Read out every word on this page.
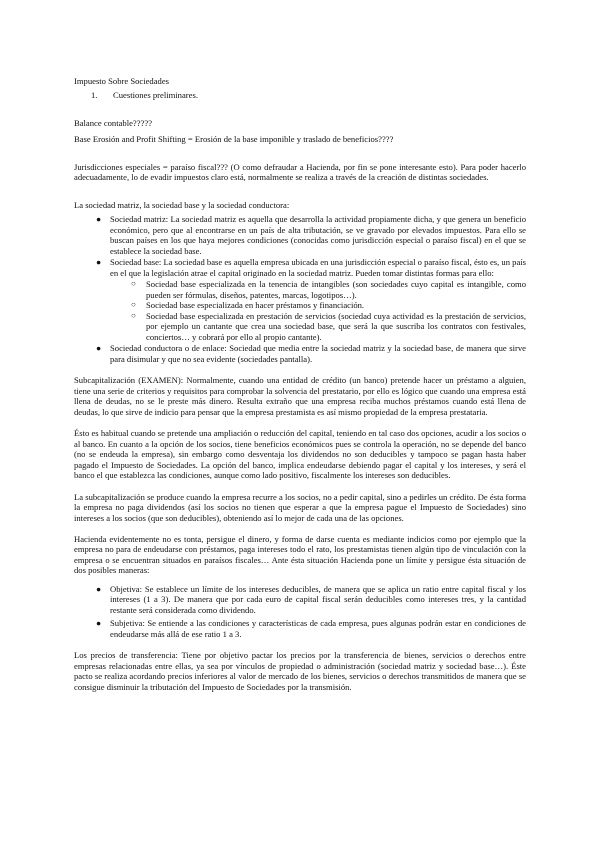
Impuesto Sobre Sociedades

1. Cuestiones preliminares.

Balance contable?????

Base Erosión and Profit Shifting = Erosión de la base imponible y traslado de beneficios????

Jurisdicciones especiales = paraíso fiscal??? (O como defraudar a Hacienda, por fin se pone interesante esto). Para poder hacerlo adecuadamente, lo de evadir impuestos claro está, normalmente se realiza a través de la creación de distintas sociedades.

La sociedad matriz, la sociedad base y la sociedad conductora:

● Sociedad matriz: La sociedad matriz es aquella que desarrolla la actividad propiamente dicha, y que genera un beneficio económico, pero que al encontrarse en un país de alta tributación, se ve gravado por elevados impuestos. Para ello se buscan países en los que haya mejores condiciones (conocidas como jurisdicción especial o paraíso fiscal) en el que se establece la sociedad base.
● Sociedad base: La sociedad base es aquella empresa ubicada en una jurisdicción especial o paraíso fiscal, ésto es, un país en el que la legislación atrae el capital originado en la sociedad matriz. Pueden tomar distintas formas para ello:
○ Sociedad base especializada en la tenencia de intangibles (son sociedades cuyo capital es intangible, como pueden ser fórmulas, diseños, patentes, marcas, logotipos…).
○ Sociedad base especializada en hacer préstamos y financiación.
○ Sociedad base especializada en prestación de servicios (sociedad cuya actividad es la prestación de servicios, por ejemplo un cantante que crea una sociedad base, que será la que suscriba los contratos con festivales, conciertos… y cobrará por ello al propio cantante).
● Sociedad conductora o de enlace: Sociedad que media entre la sociedad matriz y la sociedad base, de manera que sirve para disimular y que no sea evidente (sociedades pantalla).

Subcapitalización (EXAMEN): Normalmente, cuando una entidad de crédito (un banco) pretende hacer un préstamo a alguien, tiene una serie de criterios y requisitos para comprobar la solvencia del prestatario, por ello es lógico que cuando una empresa está llena de deudas, no se le preste más dinero. Resulta extraño que una empresa reciba muchos préstamos cuando está llena de deudas, lo que sirve de indicio para pensar que la empresa prestamista es así mismo propiedad de la empresa prestataria.

Ésto es habitual cuando se pretende una ampliación o reducción del capital, teniendo en tal caso dos opciones, acudir a los socios o al banco. En cuanto a la opción de los socios, tiene beneficios económicos pues se controla la operación, no se depende del banco (no se endeuda la empresa), sin embargo como desventaja los dividendos no son deducibles y tampoco se pagan hasta haber pagado el Impuesto de Sociedades. La opción del banco, implica endeudarse debiendo pagar el capital y los intereses, y será el banco el que establezca las condiciones, aunque como lado positivo, fiscalmente los intereses son deducibles.

La subcapitalización se produce cuando la empresa recurre a los socios, no a pedir capital, sino a pedirles un crédito. De ésta forma la empresa no paga dividendos (así los socios no tienen que esperar a que la empresa pague el Impuesto de Sociedades) sino intereses a los socios (que son deducibles), obteniendo así lo mejor de cada una de las opciones.

Hacienda evidentemente no es tonta, persigue el dinero, y forma de darse cuenta es mediante indicios como por ejemplo que la empresa no para de endeudarse con préstamos, paga intereses todo el rato, los prestamistas tienen algún tipo de vinculación con la empresa o se encuentran situados en paraísos fiscales… Ante ésta situación Hacienda pone un límite y persigue ésta situación de dos posibles maneras:

● Objetiva: Se establece un límite de los intereses deducibles, de manera que se aplica un ratio entre capital fiscal y los intereses (1 a 3). De manera que por cada euro de capital fiscal serán deducibles como intereses tres, y la cantidad restante será considerada como dividendo.
● Subjetiva: Se entiende a las condiciones y características de cada empresa, pues algunas podrán estar en condiciones de endeudarse más allá de ese ratio 1 a 3.

Los precios de transferencia: Tiene por objetivo pactar los precios por la transferencia de bienes, servicios o derechos entre empresas relacionadas entre ellas, ya sea por vínculos de propiedad o administración (sociedad matriz y sociedad base…). Éste pacto se realiza acordando precios inferiores al valor de mercado de los bienes, servicios o derechos transmitidos de manera que se consigue disminuir la tributación del Impuesto de Sociedades por la transmisión.
